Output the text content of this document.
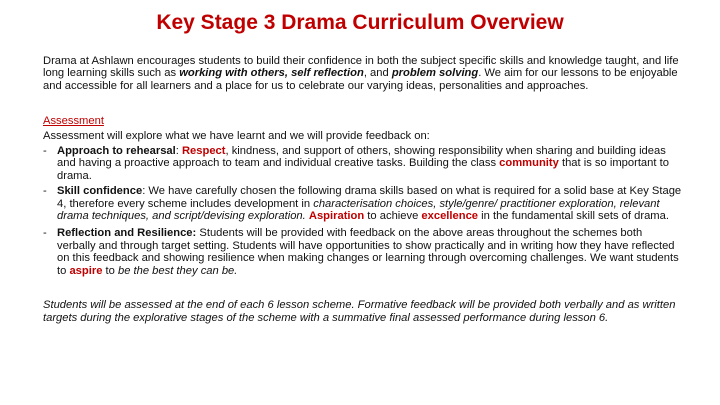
Key Stage 3 Drama Curriculum Overview

Drama at Ashlawn encourages students to build their confidence in both the subject specific skills and knowledge taught, and life long learning skills such as working with others, self reflection, and problem solving. We aim for our lessons to be enjoyable and accessible for all learners and a place for us to celebrate our varying ideas, personalities and approaches.

Assessment

Assessment will explore what we have learnt and we will provide feedback on:

- Approach to rehearsal: Respect, kindness, and support of others, showing responsibility when sharing and building ideas and having a proactive approach to team and individual creative tasks. Building the class community that is so important to drama.
- Skill confidence: We have carefully chosen the following drama skills based on what is required for a solid base at Key Stage 4, therefore every scheme includes development in characterisation choices, style/genre/ practitioner exploration, relevant drama techniques, and script/devising exploration. Aspiration to achieve excellence in the fundamental skill sets of drama.
- Reflection and Resilience: Students will be provided with feedback on the above areas throughout the schemes both verbally and through target setting. Students will have opportunities to show practically and in writing how they have reflected on this feedback and showing resilience when making changes or learning through overcoming challenges. We want students to aspire to be the best they can be.

Students will be assessed at the end of each 6 lesson scheme. Formative feedback will be provided both verbally and as written targets during the explorative stages of the scheme with a summative final assessed performance during lesson 6.
